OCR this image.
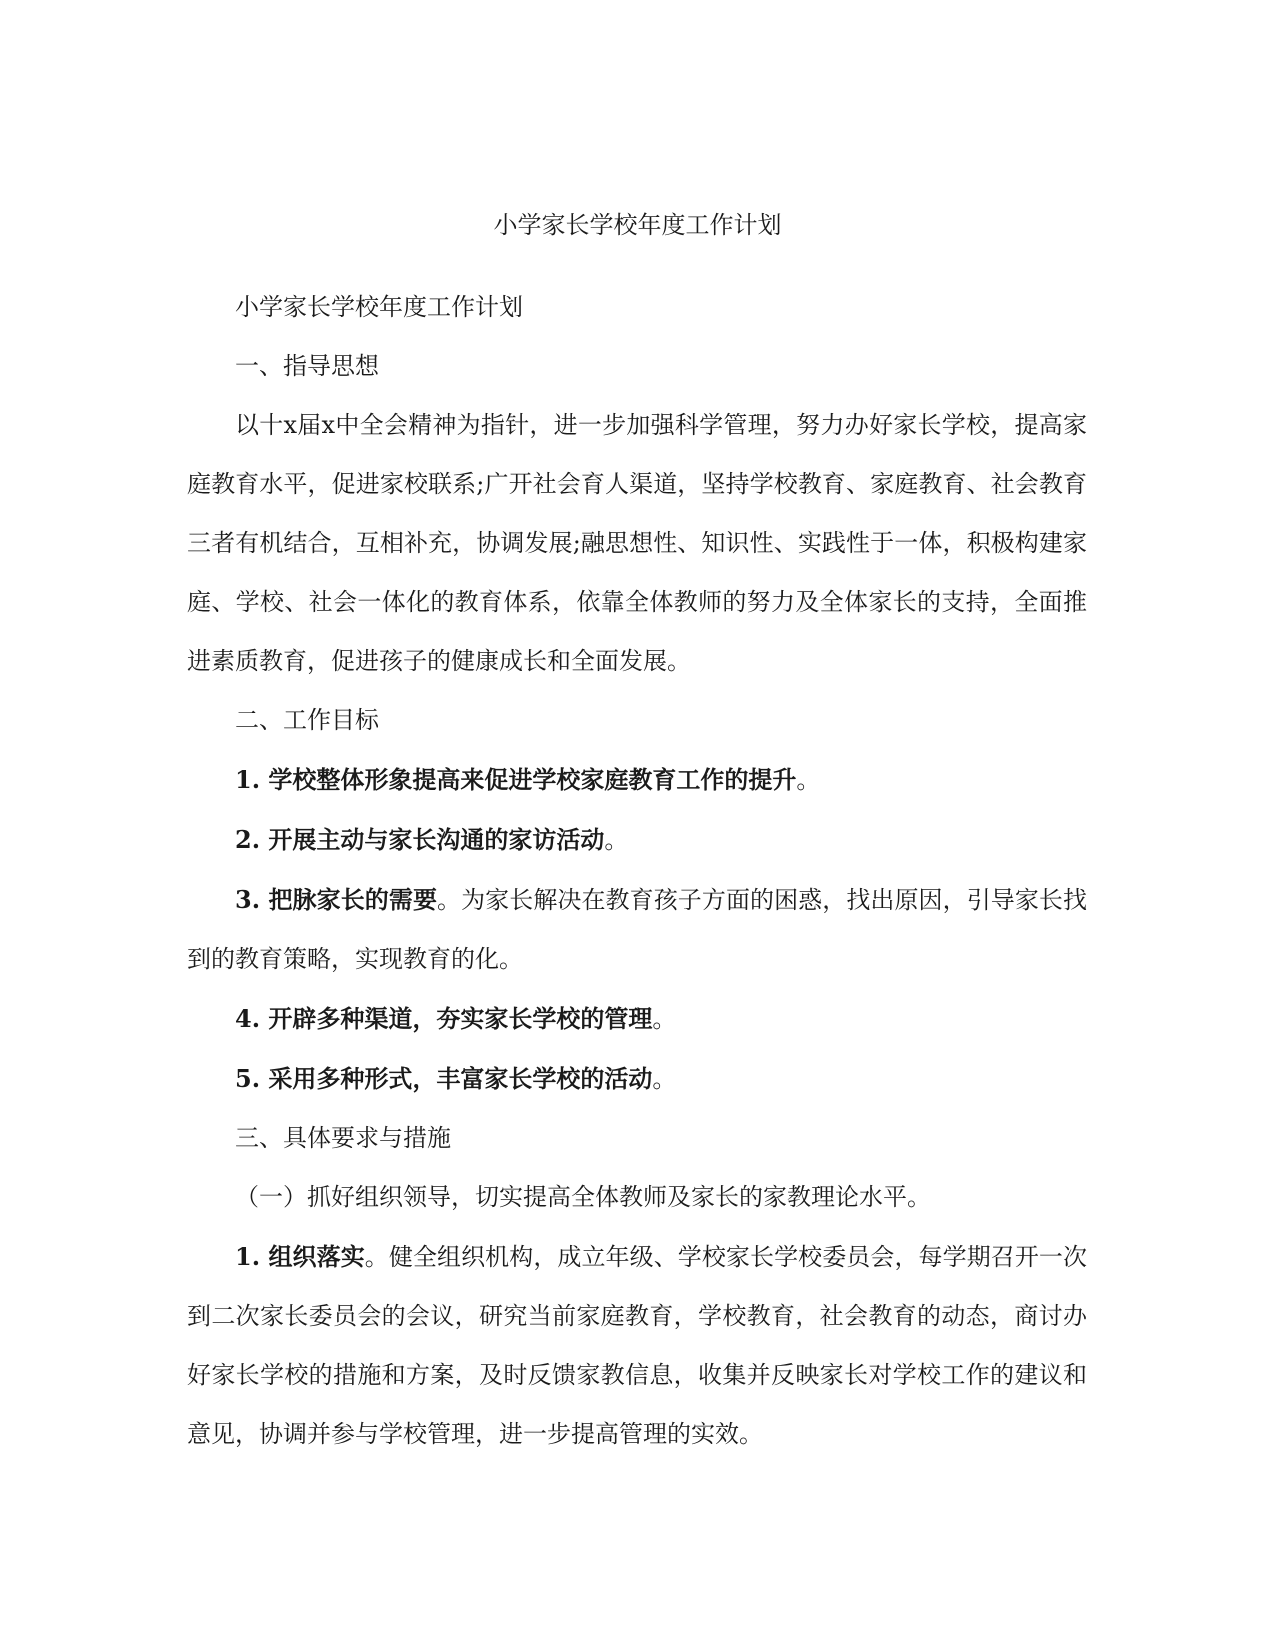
小学家长学校年度工作计划

小学家长学校年度工作计划

一、指导思想

以十x届x中全会精神为指针，进一步加强科学管理，努力办好家长学校，提高家庭教育水平，促进家校联系;广开社会育人渠道，坚持学校教育、家庭教育、社会教育三者有机结合，互相补充，协调发展;融思想性、知识性、实践性于一体，积极构建家庭、学校、社会一体化的教育体系，依靠全体教师的努力及全体家长的支持，全面推进素质教育，促进孩子的健康成长和全面发展。

二、工作目标

1. 学校整体形象提高来促进学校家庭教育工作的提升。

2. 开展主动与家长沟通的家访活动。

3. 把脉家长的需要。为家长解决在教育孩子方面的困惑，找出原因，引导家长找到的教育策略，实现教育的化。

4. 开辟多种渠道，夯实家长学校的管理。

5. 采用多种形式，丰富家长学校的活动。

三、具体要求与措施

（一）抓好组织领导，切实提高全体教师及家长的家教理论水平。

1. 组织落实。健全组织机构，成立年级、学校家长学校委员会，每学期召开一次到二次家长委员会的会议，研究当前家庭教育，学校教育，社会教育的动态，商讨办好家长学校的措施和方案，及时反馈家教信息，收集并反映家长对学校工作的建议和意见，协调并参与学校管理，进一步提高管理的实效。
